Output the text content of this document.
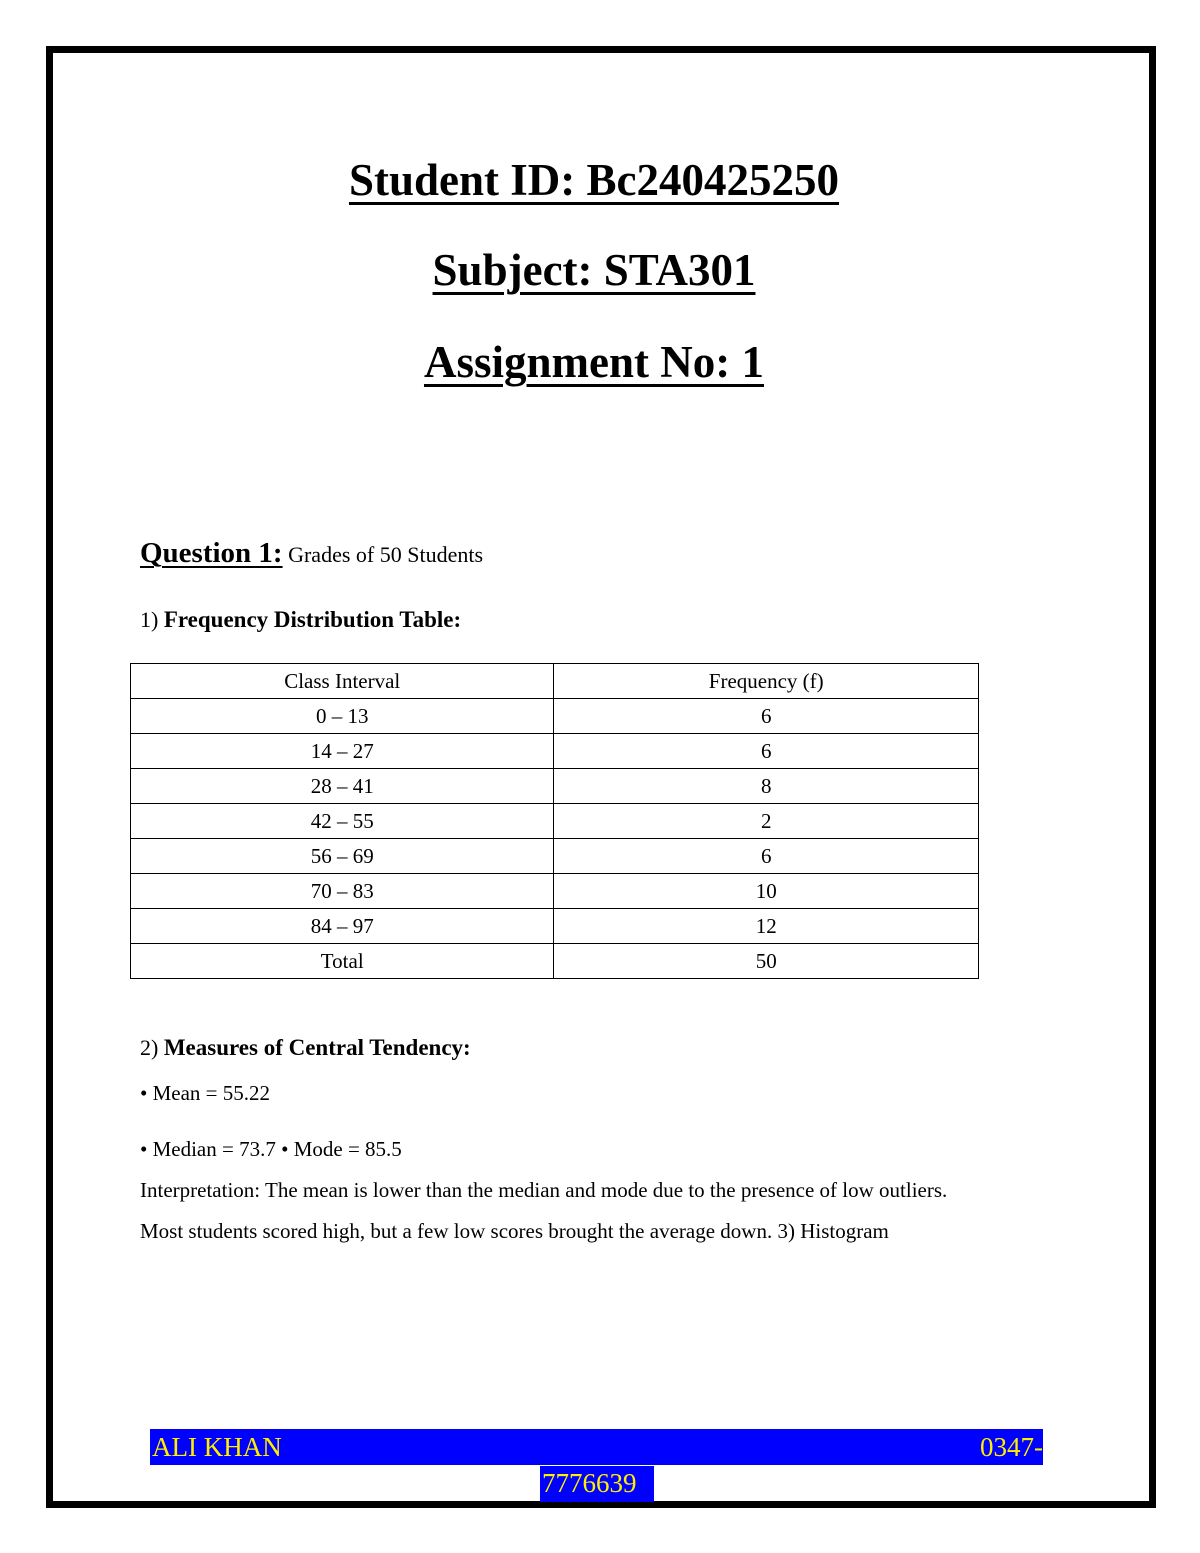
Student ID: Bc240425250
Subject: STA301
Assignment No: 1
Question 1: Grades of 50 Students
1) Frequency Distribution Table:
Class Interval	Frequency (f)
0 – 13	6
14 – 27	6
28 – 41	8
42 – 55	2
56 – 69	6
70 – 83	10
84 – 97	12
Total	50
2) Measures of Central Tendency:
• Mean = 55.22
• Median = 73.7 • Mode = 85.5
Interpretation: The mean is lower than the median and mode due to the presence of low outliers.
Most students scored high, but a few low scores brought the average down. 3) Histogram
ALI KHAN	0347-
7776639
